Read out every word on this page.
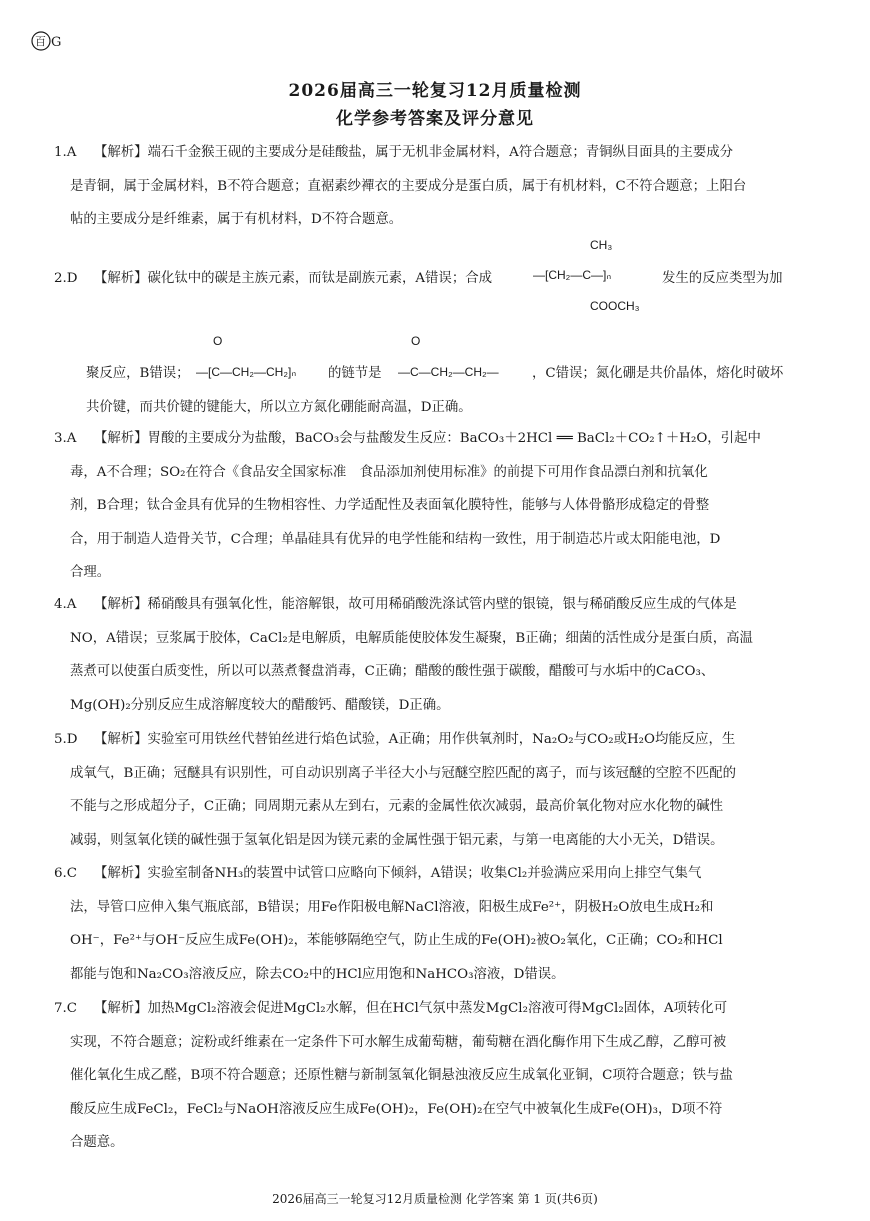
百 G
2026届高三一轮复习12月质量检测
化学参考答案及评分意见
1.A	【解析】端石千金猴王砚的主要成分是硅酸盐，属于无机非金属材料，A符合题意；青铜纵目面具的主要成分
是青铜，属于金属材料，B不符合题意；直裾素纱襌衣的主要成分是蛋白质，属于有机材料，C不符合题意；上阳台
帖的主要成分是纤维素，属于有机材料，D不符合题意。
2.D	【解析】碳化钛中的碳是主族元素，而钛是副族元素，A错误；合成
CH₃
—[CH₂—C—]ₙ
COOCH₃
发生的反应类型为加
聚反应，B错误；
O
—[C—CH₂—CH₂]ₙ 的链节是
O
—C—CH₂—CH₂— ，C错误；氮化硼是共价晶体，熔化时破坏
共价键，而共价键的键能大，所以立方氮化硼能耐高温，D正确。
3.A	【解析】胃酸的主要成分为盐酸，BaCO₃会与盐酸发生反应：BaCO₃＋2HCl ══ BaCl₂＋CO₂↑＋H₂O，引起中
毒，A不合理；SO₂在符合《食品安全国家标准　食品添加剂使用标准》的前提下可用作食品漂白剂和抗氧化
剂，B合理；钛合金具有优异的生物相容性、力学适配性及表面氧化膜特性，能够与人体骨骼形成稳定的骨整
合，用于制造人造骨关节，C合理；单晶硅具有优异的电学性能和结构一致性，用于制造芯片或太阳能电池，D
合理。
4.A	【解析】稀硝酸具有强氧化性，能溶解银，故可用稀硝酸洗涤试管内壁的银镜，银与稀硝酸反应生成的气体是
NO，A错误；豆浆属于胶体，CaCl₂是电解质，电解质能使胶体发生凝聚，B正确；细菌的活性成分是蛋白质，高温
蒸煮可以使蛋白质变性，所以可以蒸煮餐盘消毒，C正确；醋酸的酸性强于碳酸，醋酸可与水垢中的CaCO₃、
Mg(OH)₂分别反应生成溶解度较大的醋酸钙、醋酸镁，D正确。
5.D	【解析】实验室可用铁丝代替铂丝进行焰色试验，A正确；用作供氧剂时，Na₂O₂与CO₂或H₂O均能反应，生
成氧气，B正确；冠醚具有识别性，可自动识别离子半径大小与冠醚空腔匹配的离子，而与该冠醚的空腔不匹配的
不能与之形成超分子，C正确；同周期元素从左到右，元素的金属性依次减弱，最高价氧化物对应水化物的碱性
减弱，则氢氧化镁的碱性强于氢氧化铝是因为镁元素的金属性强于铝元素，与第一电离能的大小无关，D错误。
6.C	【解析】实验室制备NH₃的装置中试管口应略向下倾斜，A错误；收集Cl₂并验满应采用向上排空气集气
法，导管口应伸入集气瓶底部，B错误；用Fe作阳极电解NaCl溶液，阳极生成Fe²⁺，阴极H₂O放电生成H₂和
OH⁻，Fe²⁺与OH⁻反应生成Fe(OH)₂，苯能够隔绝空气，防止生成的Fe(OH)₂被O₂氧化，C正确；CO₂和HCl
都能与饱和Na₂CO₃溶液反应，除去CO₂中的HCl应用饱和NaHCO₃溶液，D错误。
7.C	【解析】加热MgCl₂溶液会促进MgCl₂水解，但在HCl气氛中蒸发MgCl₂溶液可得MgCl₂固体，A项转化可
实现，不符合题意；淀粉或纤维素在一定条件下可水解生成葡萄糖，葡萄糖在酒化酶作用下生成乙醇，乙醇可被
催化氧化生成乙醛，B项不符合题意；还原性糖与新制氢氧化铜悬浊液反应生成氧化亚铜，C项符合题意；铁与盐
酸反应生成FeCl₂，FeCl₂与NaOH溶液反应生成Fe(OH)₂，Fe(OH)₂在空气中被氧化生成Fe(OH)₃，D项不符
合题意。
2026届高三一轮复习12月质量检测 化学答案 第 1 页(共6页)
